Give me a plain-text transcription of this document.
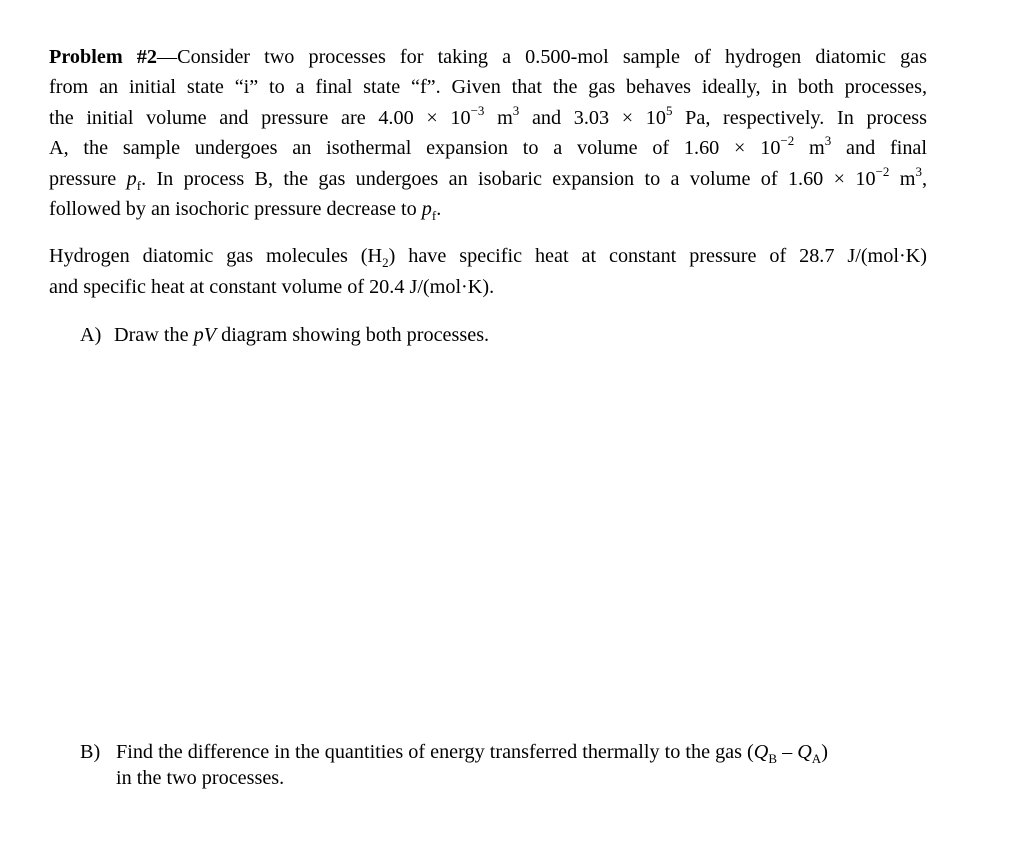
Problem #2—Consider two processes for taking a 0.500-mol sample of hydrogen diatomic gas
from an initial state “i” to a final state “f”. Given that the gas behaves ideally, in both processes,
the initial volume and pressure are $4.00 \times 10^{-3}$ $m^3$ and $3.03 \times 10^5$ Pa, respectively. In process
A, the sample undergoes an isothermal expansion to a volume of $1.60 \times 10^{-2}$ $m^3$ and final
pressure $p_f$. In process B, the gas undergoes an isobaric expansion to a volume of $1.60 \times 10^{-2}$ $m^3$,
followed by an isochoric pressure decrease to $p_f$.

Hydrogen diatomic gas molecules $(H_2)$ have specific heat at constant pressure of 28.7 J/(mol·K)
and specific heat at constant volume of 20.4 J/(mol·K).

A) Draw the pV diagram showing both processes.
B) Find the difference in the quantities of energy transferred thermally to the gas $(Q_B - Q_A)$
in the two processes.
